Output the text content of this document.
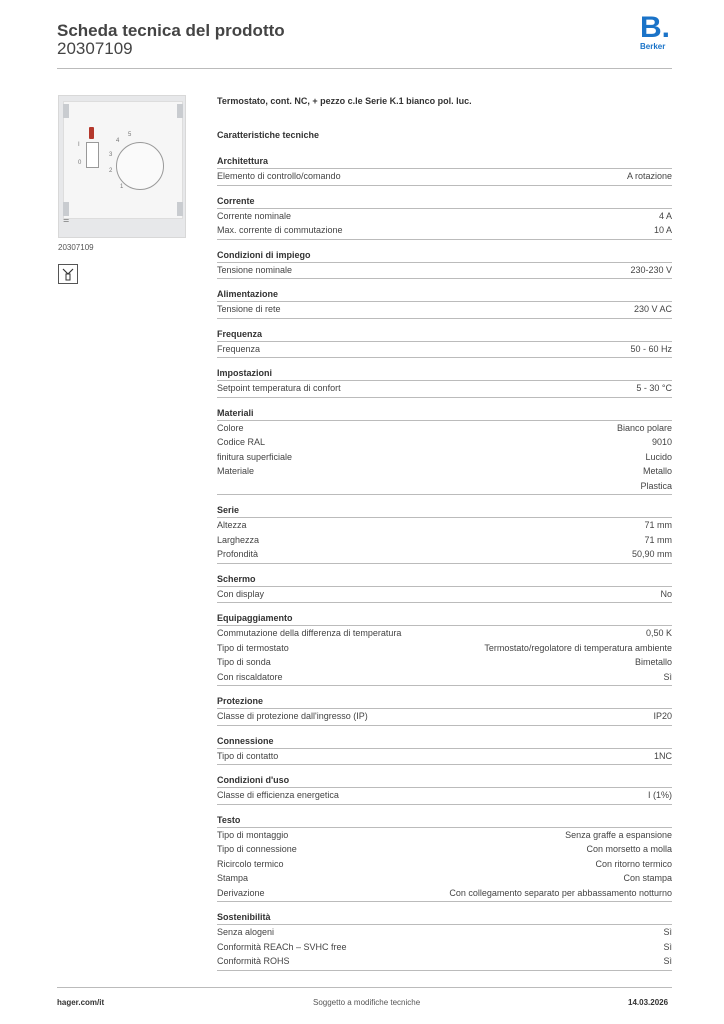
Scheda tecnica del prodotto
20307109
B.
Berker
I
0
5
4
3
2
1
⚌
20307109
Termostato, cont. NC, + pezzo c.le Serie K.1 bianco pol. luc.
Caratteristiche tecniche
Architettura
Elemento di controllo/comando	A rotazione
Corrente
Corrente nominale	4 A
Max. corrente di commutazione	10 A
Condizioni di impiego
Tensione nominale	230-230 V
Alimentazione
Tensione di rete	230 V AC
Frequenza
Frequenza	50 - 60 Hz
Impostazioni
Setpoint temperatura di confort	5 - 30 °C
Materiali
Colore	Bianco polare
Codice RAL	9010
finitura superficiale	Lucido
Materiale	Metallo
Plastica
Serie
Altezza	71 mm
Larghezza	71 mm
Profondità	50,90 mm
Schermo
Con display	No
Equipaggiamento
Commutazione della differenza di temperatura	0,50 K
Tipo di termostato	Termostato/regolatore di temperatura ambiente
Tipo di sonda	Bimetallo
Con riscaldatore	Sì
Protezione
Classe di protezione dall'ingresso (IP)	IP20
Connessione
Tipo di contatto	1NC
Condizioni d'uso
Classe di efficienza energetica	I (1%)
Testo
Tipo di montaggio	Senza graffe a espansione
Tipo di connessione	Con morsetto a molla
Ricircolo termico	Con ritorno termico
Stampa	Con stampa
Derivazione	Con collegamento separato per abbassamento notturno
Sostenibilità
Senza alogeni	Sì
Conformità REACh – SVHC free	Sì
Conformità ROHS	Sì
hager.com/it	Soggetto a modifiche tecniche	14.03.2026
